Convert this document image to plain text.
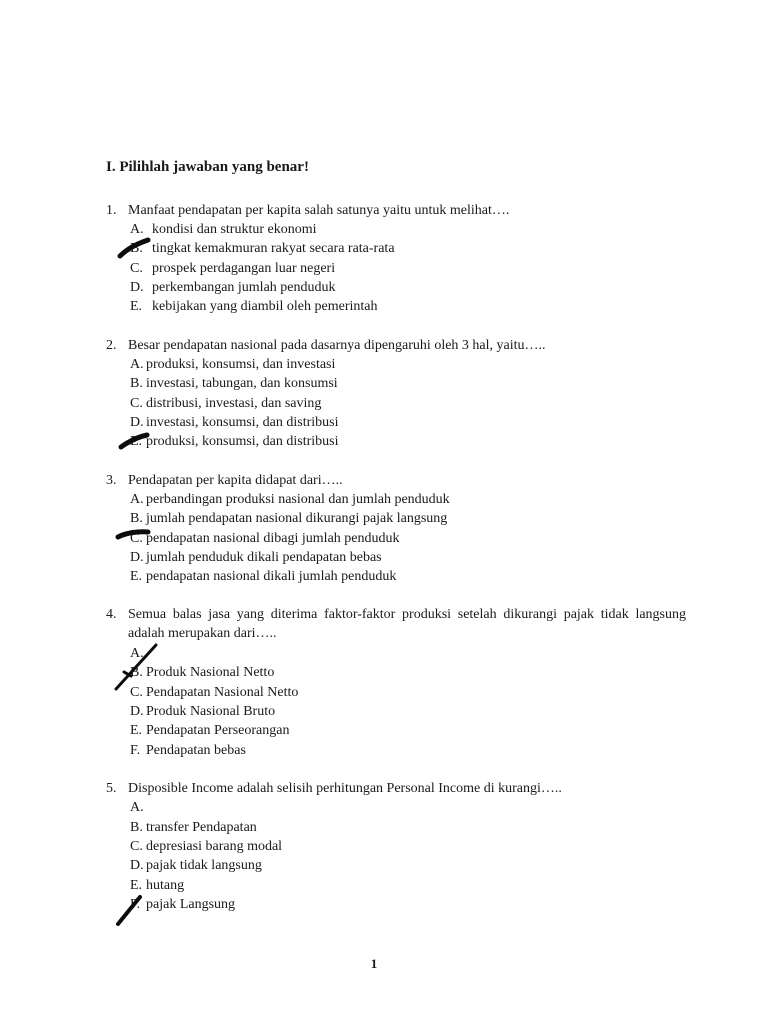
I. Pilihlah jawaban yang benar!
1. Manfaat pendapatan per kapita salah satunya yaitu untuk melihat….
A. kondisi dan struktur ekonomi
B. tingkat kemakmuran rakyat secara rata-rata
C. prospek perdagangan luar negeri
D. perkembangan jumlah penduduk
E. kebijakan yang diambil oleh pemerintah
2. Besar pendapatan nasional pada dasarnya dipengaruhi oleh 3 hal, yaitu…..
A. produksi, konsumsi, dan investasi
B. investasi, tabungan, dan konsumsi
C. distribusi, investasi, dan saving
D. investasi, konsumsi, dan distribusi
E. produksi, konsumsi, dan distribusi
3. Pendapatan per kapita didapat dari…..
A. perbandingan produksi nasional dan jumlah penduduk
B. jumlah pendapatan nasional dikurangi pajak langsung
C. pendapatan nasional dibagi jumlah penduduk
D. jumlah penduduk dikali pendapatan bebas
E. pendapatan nasional dikali jumlah penduduk
4. Semua balas jasa yang diterima faktor-faktor produksi setelah dikurangi pajak tidak langsung adalah merupakan dari…..
A.
B. Produk Nasional Netto
C. Pendapatan Nasional Netto
D. Produk Nasional Bruto
E. Pendapatan Perseorangan
F. Pendapatan bebas
5. Disposible Income adalah selisih perhitungan Personal Income di kurangi…..
A.
B. transfer Pendapatan
C. depresiasi barang modal
D. pajak tidak langsung
E. hutang
F. pajak Langsung
1
